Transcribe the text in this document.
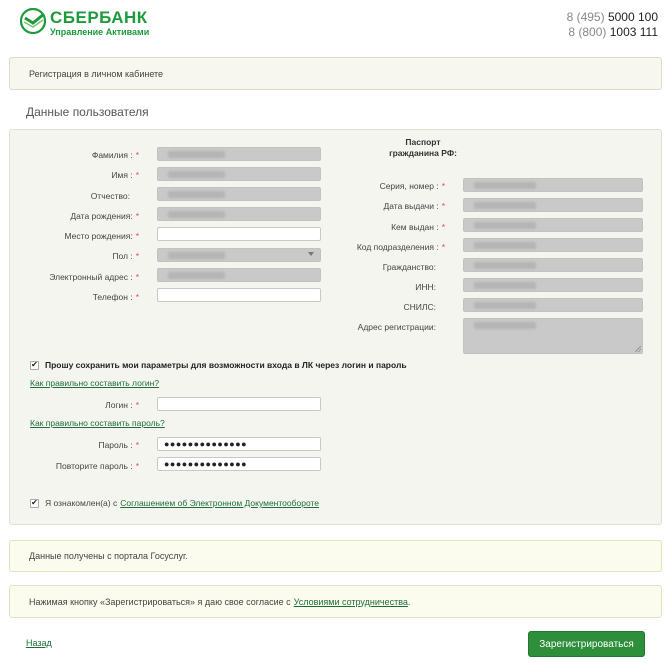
СБЕРБАНК
Управление Активами
8 (495) 5000 100
8 (800) 1003 111
Регистрация в личном кабинете
Данные пользователя
Фамилия : *
Имя : *
Отчество:
Дата рождения: *
Место рождения: *
Пол : *
Электронный адрес : *
Телефон : *
Паспорт
гражданина РФ:
Серия, номер : *
Дата выдачи : *
Кем выдан : *
Код подразделения : *
Гражданство:
ИНН:
СНИЛС:
Адрес регистрации:
✔ Прошу сохранить мои параметры для возможности входа в ЛК через логин и пароль
Как правильно составить логин?
Логин : *
Как правильно составить пароль?
Пароль : *	●●●●●●●●●●●●●●
Повторите пароль : *	●●●●●●●●●●●●●●
✔ Я ознакомлен(а) с Соглашением об Электронном Документообороте
Данные получены с портала Госуслуг.
Нажимая кнопку «Зарегистрироваться» я даю свое согласие с Условиями сотрудничества .
Назад	Зарегистрироваться
